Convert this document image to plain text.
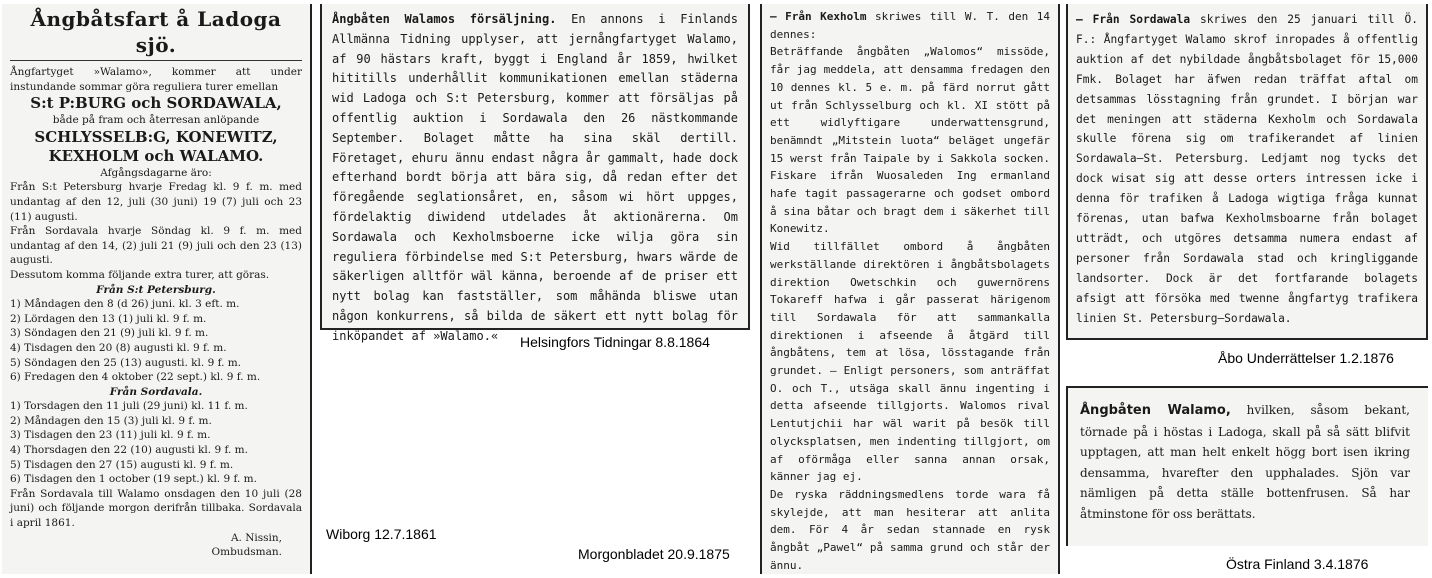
Ångbåtsfart å Ladoga sjö.

Ångfartyget »Walamo», kommer att under instundande sommar göra reguliera turer emellan

S:t P:BURG och SORDAWALA,

både på fram och återresan anlöpande

SCHLYSSELB:G, KONEWITZ,

KEXHOLM och WALAMO.

Afgångsdagarne äro:

Från S:t Petersburg hvarje Fredag kl. 9 f. m. med undantag af den 12, juli (30 juni) 19 (7) juli och 23 (11) augusti.

Från Sordavala hvarje Söndag kl. 9 f. m. med undantag af den 14, (2) juli 21 (9) juli och den 23 (13) augusti.

Dessutom komma följande extra turer, att göras.

Från S:t Petersburg.

1) Måndagen den 8 (d 26) juni. kl. 3 eft. m.

2) Lördagen den 13 (1) juli kl. 9 f. m.

3) Söndagen den 21 (9) juli kl. 9 f. m.

4) Tisdagen den 20 (8) augusti kl. 9 f. m.

5) Söndagen den 25 (13) augusti. kl. 9 f. m.

6) Fredagen den 4 oktober (22 sept.) kl. 9 f. m.

Från Sordavala.

1) Torsdagen den 11 juli (29 juni) kl. 11 f. m.

2) Måndagen den 15 (3) juli kl. 9 f. m.

3) Tisdagen den 23 (11) juli kl. 9 f. m.

4) Thorsdagen den 22 (10) augusti kl. 9 f. m.

5) Tisdagen den 27 (15) augusti kl. 9 f. m.

6) Tisdagen den 1 october (19 sept.) kl. 9 f. m.

Från Sordavala till Walamo onsdagen den 10 juli (28 juni) och följande morgon derifrån tillbaka. Sordavala i april 1861.

A. Nissin,

Ombudsman.

Ångbåten Walamos försäljning. En annons i Finlands Allmänna Tidning upplyser, att jernångfartyget Walamo, af 90 hästars kraft, byggt i England år 1859, hwilket hititills underhållit kommunikationen emellan städerna wid Ladoga och S:t Petersburg, kommer att försäljas på offentlig auktion i Sordawala den 26 nästkommande September. Bolaget måtte ha sina skäl dertill. Företaget, ehuru ännu endast några år gammalt, hade dock efterhand bordt börja att bära sig, då redan efter det föregående seglationsåret, en, såsom wi hört uppges, fördelaktig diwidend utdelades åt aktionärerna. Om Sordawala och Kexholmsboerne icke wilja göra sin reguliera förbindelse med S:t Petersburg, hwars wärde de säkerligen alltför wäl känna, beroende af de priser ett nytt bolag kan fastställer, som måhända bliswe utan någon konkurrens, så bilda de säkert ett nytt bolag för inköpandet af »Walamo.«

— Från Kexholm skriwes till W. T. den 14 dennes:

Beträffande ångbåten „Walomos“ missöde, får jag meddela, att densamma fredagen den 10 dennes kl. 5 e. m. på färd norrut gått ut från Schlysselburg och kl. XI stött på ett widlyftigare underwattensgrund, benämndt „Mitstein luota“ beläget ungefär 15 werst från Taipale by i Sakkola socken. Fiskare ifrån Wuosaleden Ing ermanland hafe tagit passagerarne och godset ombord å sina båtar och bragt dem i säkerhet till Konewitz.

Wid tillfället ombord å ångbåten werkställande direktören i ångbåtsbolagets direktion Owetschkin och guwernörens Tokareff hafwa i går passerat härigenom till Sordawala för att sammankalla direktionen i afseende å åtgärd till ångbåtens, tem at lösa, lösstagande från grundet. — Enligt personers, som anträffat O. och T., utsäga skall ännu ingenting i detta afseende tillgjorts. Walomos rival Lentutjchii har wäl warit på besök till olycksplatsen, men indenting tillgjort, om af oförmåga eller sanna annan orsak, känner jag ej.

De ryska räddningsmedlens torde wara få skylejde, att man hesiterar att anlita dem. För 4 år sedan stannade en rysk ångbåt „Pawel“ på samma grund och står der ännu.

— Från Sordawala skriwes den 25 januari till Ö. F.: Ångfartyget Walamo skrof inropades å offentlig auktion af det nybildade ångbåtsbolaget för 15,000 Fmk. Bolaget har äfwen redan träffat aftal om detsammas lösstagning från grundet. I början war det meningen att städerna Kexholm och Sordawala skulle förena sig om trafikerandet af linien Sordawala—St. Petersburg. Ledjamt nog tycks det dock wisat sig att desse orters intressen icke i denna för trafiken å Ladoga wigtiga fråga kunnat förenas, utan bafwa Kexholmsboarne från bolaget utträdt, och utgöres detsamma numera endast af personer från Sordawala stad och kringliggande landsorter. Dock är det fortfarande bolagets afsigt att försöka med twenne ångfartyg trafikera linien St. Petersburg—Sordawala.

Ångbåten Walamo, hvilken, såsom bekant, törnade på i höstas i Ladoga, skall på så sätt blifvit upptagen, att man helt enkelt högg bort isen ikring densamma, hvarefter den upphalades. Sjön var nämligen på detta ställe bottenfrusen. Så har åtminstone för oss berättats.

Wiborg 12.7.1861
Helsingfors Tidningar 8.8.1864
Morgonbladet 20.9.1875
Åbo Underrättelser 1.2.1876
Östra Finland 3.4.1876
